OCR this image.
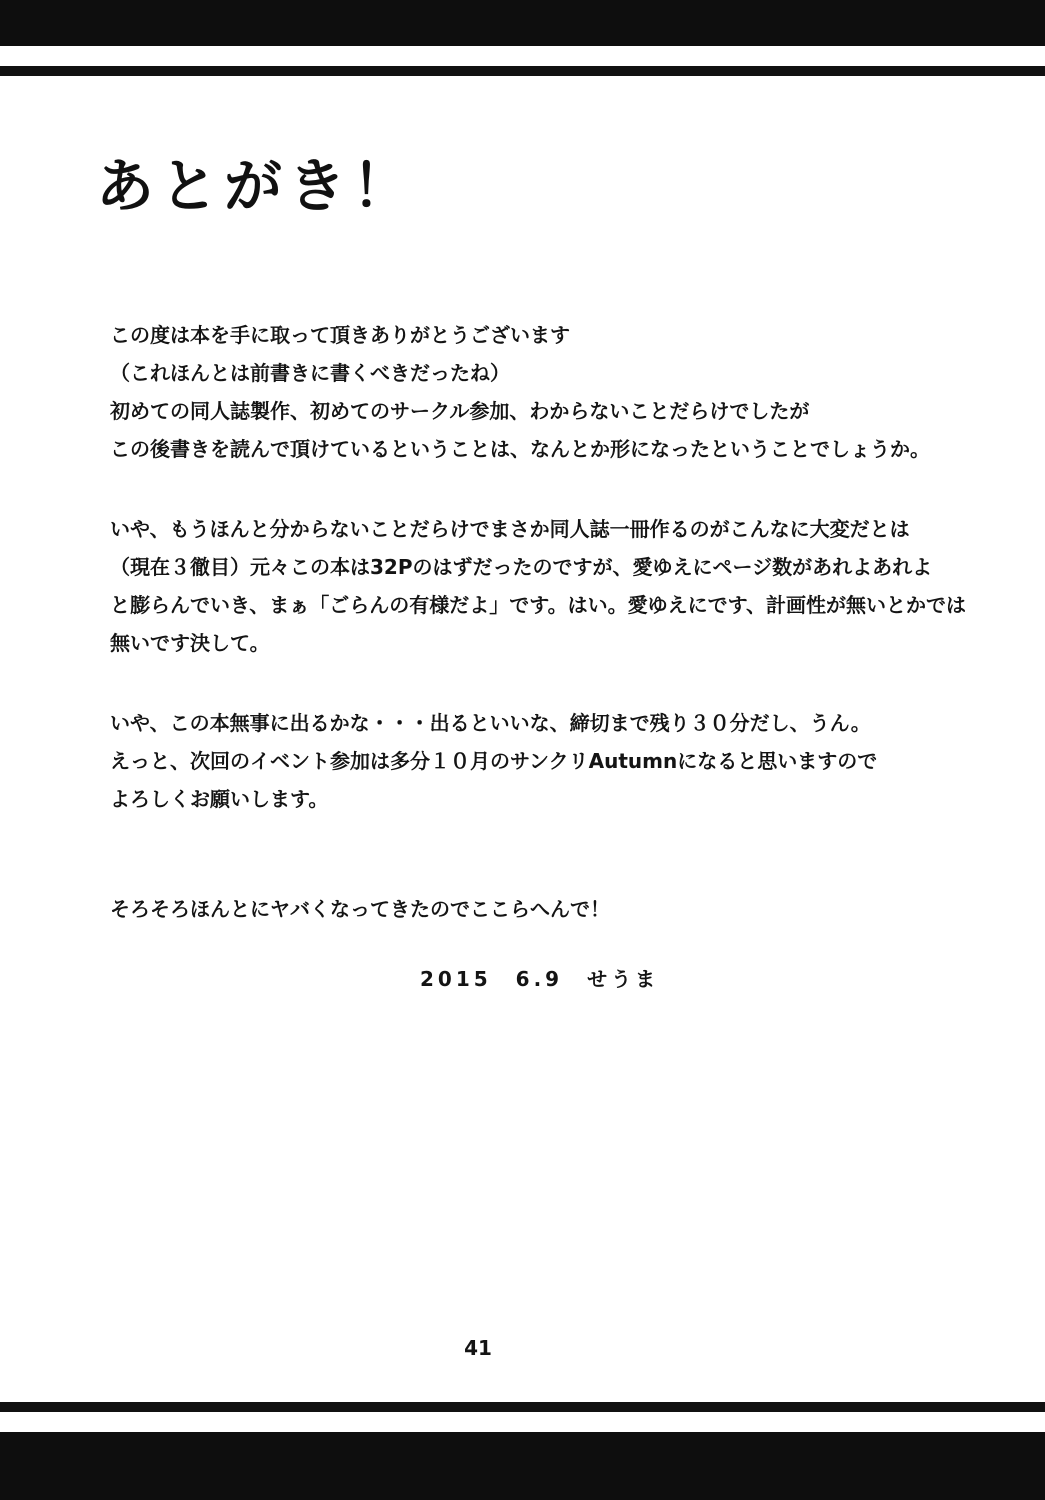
あとがき！
この度は本を手に取って頂きありがとうございます
（これほんとは前書きに書くべきだったね）
初めての同人誌製作、初めてのサークル参加、わからないことだらけでしたが
この後書きを読んで頂けているということは、なんとか形になったということでしょうか。
いや、もうほんと分からないことだらけでまさか同人誌一冊作るのがこんなに大変だとは
（現在３徹目）元々この本は32Pのはずだったのですが、愛ゆえにページ数があれよあれよ
と膨らんでいき、まぁ「ごらんの有様だよ」です。はい。愛ゆえにです、計画性が無いとかでは
無いです決して。
いや、この本無事に出るかな・・・出るといいな、締切まで残り３０分だし、うん。
えっと、次回のイベント参加は多分１０月のサンクリAutumnになると思いますので
よろしくお願いします。
そろそろほんとにヤバくなってきたのでここらへんで！
2015 6.9 せうま
41
